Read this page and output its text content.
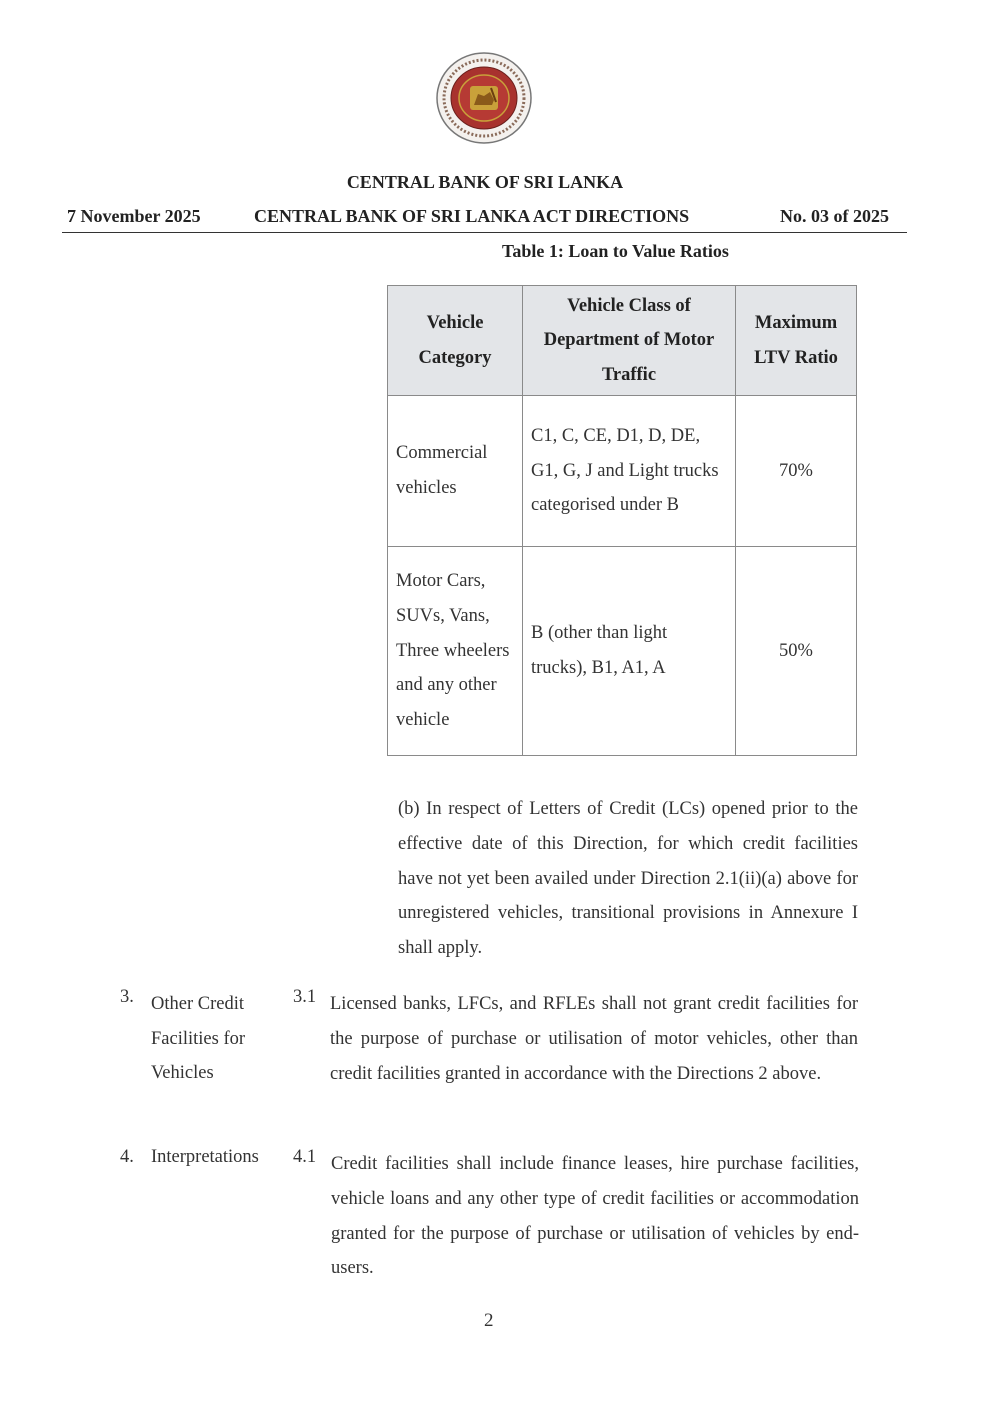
CENTRAL BANK OF SRI LANKA
7 November 2025	CENTRAL BANK OF SRI LANKA ACT DIRECTIONS	No. 03 of 2025
Table 1: Loan to Value Ratios
Vehicle Category	Vehicle Class of Department of Motor Traffic	Maximum LTV Ratio
Commercial vehicles	C1, C, CE, D1, D, DE, G1, G, J and Light trucks categorised under B	70%
Motor Cars, SUVs, Vans, Three wheelers and any other vehicle	B (other than light trucks), B1, A1, A	50%
(b) In respect of Letters of Credit (LCs) opened prior to the effective date of this Direction, for which credit facilities have not yet been availed under Direction 2.1(ii)(a) above for unregistered vehicles, transitional provisions in Annexure I shall apply.
3. Other Credit Facilities for Vehicles
3.1 Licensed banks, LFCs, and RFLEs shall not grant credit facilities for the purpose of purchase or utilisation of motor vehicles, other than credit facilities granted in accordance with the Directions 2 above.
4. Interpretations 4.1 Credit facilities shall include finance leases, hire purchase facilities, vehicle loans and any other type of credit facilities or accommodation granted for the purpose of purchase or utilisation of vehicles by end-users.
2
